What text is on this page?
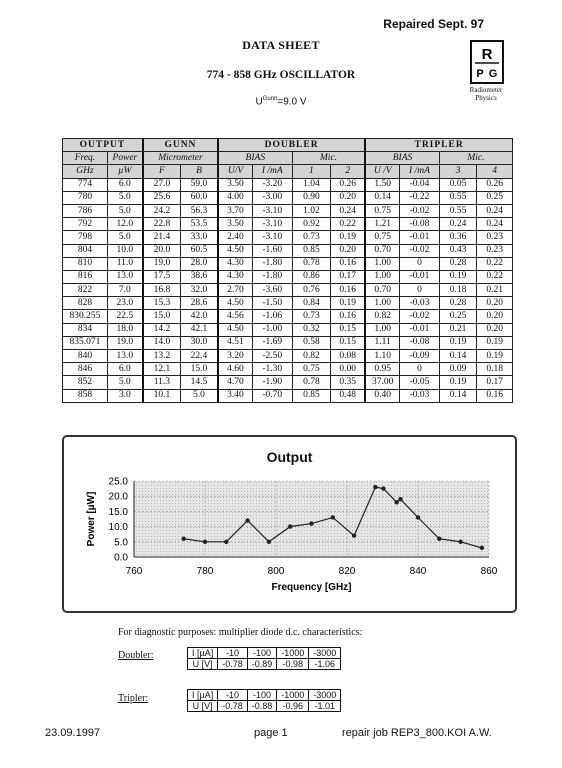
Repaired Sept. 97
DATA SHEET
774 - 858 GHz OSCILLATOR
$U^{Gunn}=9.0$ V
R
P G
Radiometer
Physics
OUTPUT		GUNN		DOUBLER				TRIPLER			
Freq.	Power	Micrometer		BIAS		Mic.		BIAS		Mic.	
GHz	µW	F	B	U/V	I /mA	1	2	U /V	I /mA	3	4
774	6.0	27.0	59.0	3.50	-3.20	1.04	0.26	1.50	-0.04	0.05	0.26
780	5.0	25.6	60.0	4.00	-3.00	0.90	0.20	0.14	-0.22	0.55	0.25
786	5.0	24.2	56.3	3.70	-3.10	1.02	0.24	0.75	-0.02	0.55	0.24
792	12.0	22.8	53.5	3.50	-3.10	0.92	0.22	1.21	-0.08	0.24	0.24
798	5.0	21.4	33.0	2.40	-3.10	0.73	0.19	0.75	-0.01	0.36	0.23
804	10.0	20.0	60.5	4.50	-1.60	0.85	0.20	0.70	-0.02	0.43	0.23
810	11.0	19.0	28.0	4.30	-1.80	0.78	0.16	1.00	0	0.28	0.22
816	13.0	17.5	38.6	4.30	-1.80	0.86	0.17	1.00	-0.01	0.19	0.22
822	7.0	16.8	32.0	2.70	-3.60	0.76	0.16	0.70	0	0.18	0.21
828	23.0	15.3	28.6	4.50	-1.50	0.84	0.19	1.00	-0.03	0.28	0.20
830.255	22.5	15.0	42.0	4.56	-1.06	0.73	0.16	0.82	-0.02	0.25	0.20
834	18.0	14.2	42.1	4.50	-1.00	0.32	0.15	1.00	-0.01	0.21	0.20
835.071	19.0	14.0	30.0	4.51	-1.69	0.58	0.15	1.11	-0.08	0.19	0.19
840	13.0	13.2	22.4	3.20	-2.50	0.82	0.08	1.10	-0.09	0.14	0.19
846	6.0	12.1	15.0	4.60	-1.30	0.75	0.00	0.95	0	0.09	0.18
852	5.0	11.3	14.5	4.70	-1.90	0.78	0.35	37.00	-0.05	0.19	0.17
858	3.0	10.1	5.0	3.40	-0.70	0.85	0.48	0.40	-0.03	0.14	0.16
Output
0.0
5.0
10.0
15.0
20.0
25.0
760	780	800	820	840	860
Frequency [GHz]
Power [µW]
For diagnostic purposes: multiplier diode d.c. characteristics:
Doubler:	I [µA]	-10	-100	-1000	-3000
U [V]	-0.78	-0.89	-0.98	-1.06
Tripler:	I [µA]	-10	-100	-1000	-3000
U [V]	-0.78	-0.88	-0.96	-1.01
23.09.1997	page 1	repair job REP3_800.KOI A.W.
